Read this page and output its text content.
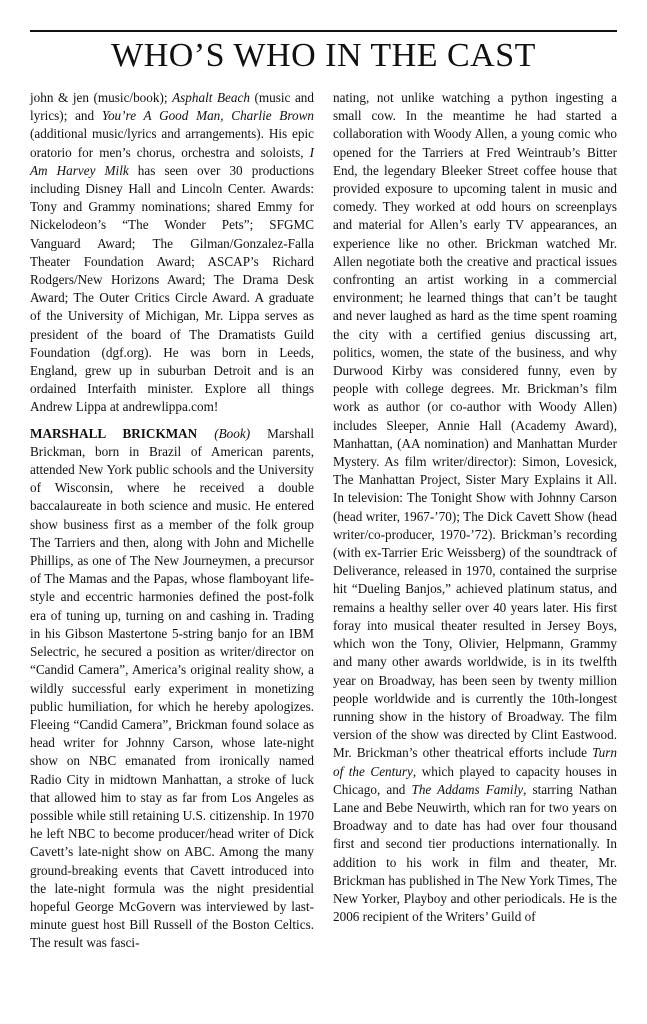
WHO’S WHO IN THE CAST

john & jen (music/book); Asphalt Beach (music and lyrics); and You’re A Good Man, Charlie Brown (additional music/lyrics and arrangements). His epic oratorio for men’s chorus, orchestra and soloists, I Am Harvey Milk has seen over 30 productions including Disney Hall and Lincoln Center. Awards: Tony and Grammy nominations; shared Emmy for Nickelodeon’s “The Wonder Pets”; SFGMC Vanguard Award; The Gilman/Gonzalez-Falla Theater Foundation Award; ASCAP’s Richard Rodgers/New Horizons Award; The Drama Desk Award; The Outer Critics Circle Award. A graduate of the University of Michigan, Mr. Lippa serves as president of the board of The Dramatists Guild Foundation (dgf.org). He was born in Leeds, England, grew up in suburban Detroit and is an ordained Interfaith minister. Explore all things Andrew Lippa at andrewlippa.com!

MARSHALL BRICKMAN (Book) Marshall Brickman, born in Brazil of American parents, attended New York public schools and the University of Wisconsin, where he received a double baccalaureate in both science and music. He entered show business first as a member of the folk group The Tarriers and then, along with John and Michelle Phillips, as one of The New Journeymen, a precursor of The Mamas and the Papas, whose flamboyant life-style and eccentric harmonies defined the post-folk era of tuning up, turning on and cashing in. Trading in his Gibson Mastertone 5-string banjo for an IBM Selectric, he secured a position as writer/director on “Candid Camera”, America’s original reality show, a wildly successful early experiment in monetizing public humiliation, for which he hereby apologizes. Fleeing “Candid Camera”, Brickman found solace as head writer for Johnny Carson, whose late-night show on NBC emanated from ironically named Radio City in midtown Manhattan, a stroke of luck that allowed him to stay as far from Los Angeles as possible while still retaining U.S. citizenship. In 1970 he left NBC to become producer/head writer of Dick Cavett’s late-night show on ABC. Among the many ground-breaking events that Cavett introduced into the late-night formula was the night presidential hopeful George McGovern was interviewed by last-minute guest host Bill Russell of the Boston Celtics. The result was fasci-

nating, not unlike watching a python ingesting a small cow. In the meantime he had started a collaboration with Woody Allen, a young comic who opened for the Tarriers at Fred Weintraub’s Bitter End, the legendary Bleeker Street coffee house that provided exposure to upcoming talent in music and comedy. They worked at odd hours on screenplays and material for Allen’s early TV appearances, an experience like no other. Brickman watched Mr. Allen negotiate both the creative and practical issues confronting an artist working in a commercial environment; he learned things that can’t be taught and never laughed as hard as the time spent roaming the city with a certified genius discussing art, politics, women, the state of the business, and why Durwood Kirby was considered funny, even by people with college degrees. Mr. Brickman’s film work as author (or co-author with Woody Allen) includes Sleeper, Annie Hall (Academy Award), Manhattan, (AA nomination) and Manhattan Murder Mystery. As film writer/director): Simon, Lovesick, The Manhattan Project, Sister Mary Explains it All. In television: The Tonight Show with Johnny Carson (head writer, 1967-’70); The Dick Cavett Show (head writer/co-producer, 1970-’72). Brickman’s recording (with ex-Tarrier Eric Weissberg) of the soundtrack of Deliverance, released in 1970, contained the surprise hit “Dueling Banjos,” achieved platinum status, and remains a healthy seller over 40 years later. His first foray into musical theater resulted in Jersey Boys, which won the Tony, Olivier, Helpmann, Grammy and many other awards worldwide, is in its twelfth year on Broadway, has been seen by twenty million people worldwide and is currently the 10th-longest running show in the history of Broadway. The film version of the show was directed by Clint Eastwood. Mr. Brickman’s other theatrical efforts include Turn of the Century, which played to capacity houses in Chicago, and The Addams Family, starring Nathan Lane and Bebe Neuwirth, which ran for two years on Broadway and to date has had over four thousand first and second tier productions internationally. In addition to his work in film and theater, Mr. Brickman has published in The New York Times, The New Yorker, Playboy and other periodicals. He is the 2006 recipient of the Writers’ Guild of
